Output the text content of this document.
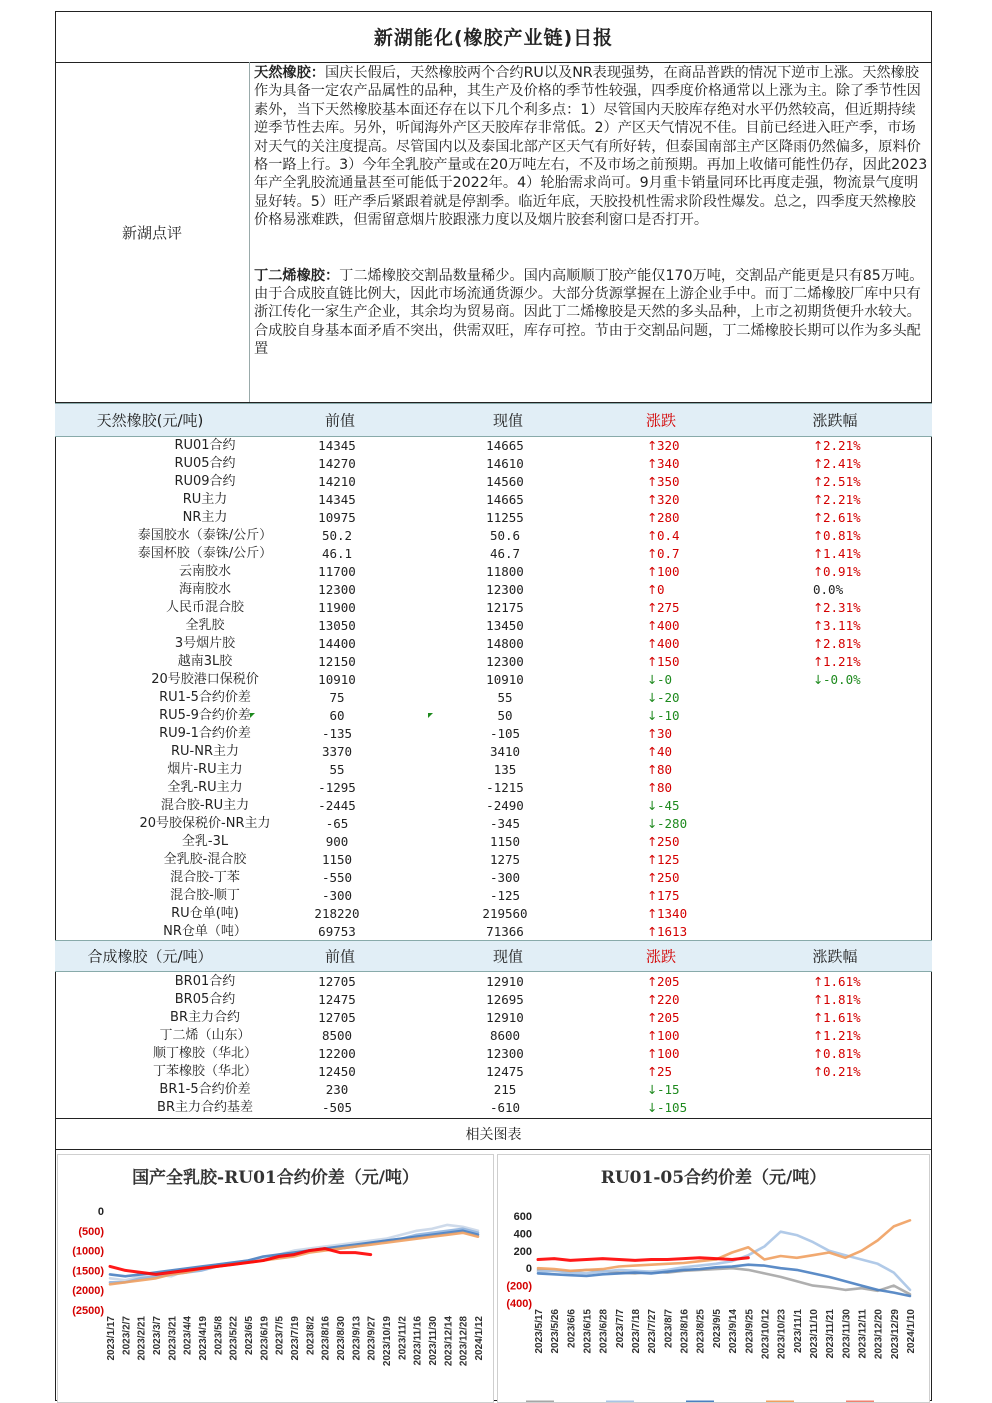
新湖能化(橡胶产业链)日报
新湖点评

天然橡胶：国庆长假后，天然橡胶两个合约RU以及NR表现强势，在商品普跌的情况下逆市上涨。天然橡胶作为具备一定农产品属性的品种，其生产及价格的季节性较强，四季度价格通常以上涨为主。除了季节性因素外，当下天然橡胶基本面还存在以下几个利多点：1）尽管国内天胶库存绝对水平仍然较高，但近期持续逆季节性去库。另外，听闻海外产区天胶库存非常低。2）产区天气情况不佳。目前已经进入旺产季，市场对天气的关注度提高。尽管国内以及泰国北部产区天气有所好转，但泰国南部主产区降雨仍然偏多，原料价格一路上行。3）今年全乳胶产量或在20万吨左右，不及市场之前预期。再加上收储可能性仍存，因此2023年产全乳胶流通量甚至可能低于2022年。4）轮胎需求尚可。9月重卡销量同环比再度走强，物流景气度明显好转。5）旺产季后紧跟着就是停割季。临近年底，天胶投机性需求阶段性爆发。总之，四季度天然橡胶价格易涨难跌，但需留意烟片胶跟涨力度以及烟片胶套利窗口是否打开。

丁二烯橡胶：丁二烯橡胶交割品数量稀少。国内高顺顺丁胶产能仅170万吨，交割品产能更是只有85万吨。由于合成胶直链比例大，因此市场流通货源少。大部分货源掌握在上游企业手中。而丁二烯橡胶厂库中只有浙江传化一家生产企业，其余均为贸易商。因此丁二烯橡胶是天然的多头品种，上市之初期货便升水较大。合成胶自身基本面矛盾不突出，供需双旺，库存可控。节由于交割品问题，丁二烯橡胶长期可以作为多头配置

天然橡胶(元/吨)	前值	现值	涨跌	涨跌幅
RU01合约	14345	14665	↑320	↑2.21%
RU05合约	14270	14610	↑340	↑2.41%
RU09合约	14210	14560	↑350	↑2.51%
RU主力	14345	14665	↑320	↑2.21%
NR主力	10975	11255	↑280	↑2.61%
泰国胶水（泰铢/公斤）	50.2	50.6	↑0.4	↑0.81%
泰国杯胶（泰铢/公斤）	46.1	46.7	↑0.7	↑1.41%
云南胶水	11700	11800	↑100	↑0.91%
海南胶水	12300	12300	↑0	0.0%
人民币混合胶	11900	12175	↑275	↑2.31%
全乳胶	13050	13450	↑400	↑3.11%
3号烟片胶	14400	14800	↑400	↑2.81%
越南3L胶	12150	12300	↑150	↑1.21%
20号胶港口保税价	10910	10910	↓-0	↓-0.0%
RU1-5合约价差	75	55	↓-20
RU5-9合约价差	60	50	↓-10
RU9-1合约价差	-135	-105	↑30
RU-NR主力	3370	3410	↑40
烟片-RU主力	55	135	↑80
全乳-RU主力	-1295	-1215	↑80
混合胶-RU主力	-2445	-2490	↓-45
20号胶保税价-NR主力	-65	-345	↓-280
全乳-3L	900	1150	↑250
全乳胶-混合胶	1150	1275	↑125
混合胶-丁苯	-550	-300	↑250
混合胶-顺丁	-300	-125	↑175
RU仓单(吨)	218220	219560	↑1340
NR仓单（吨）	69753	71366	↑1613
合成橡胶（元/吨）	前值	现值	涨跌	涨跌幅
BR01合约	12705	12910	↑205	↑1.61%
BR05合约	12475	12695	↑220	↑1.81%
BR主力合约	12705	12910	↑205	↑1.61%
丁二烯（山东）	8500	8600	↑100	↑1.21%
顺丁橡胶（华北）	12200	12300	↑100	↑0.81%
丁苯橡胶（华北）	12450	12475	↑25	↑0.21%
BR1-5合约价差	230	215	↓-15
BR主力合约基差	-505	-610	↓-105
相关图表
国产全乳胶-RU01合约价差（元/吨）
0
(500)
(1000)
(1500)
(2000)
(2500)
2023/1/17 2023/2/7 2023/2/21 2023/3/7 2023/3/21 2023/4/4 2023/4/19 2023/5/8 2023/5/22 2023/6/5 2023/6/19 2023/7/5 2023/7/19 2023/8/2 2023/8/16 2023/8/30 2023/9/13 2023/9/27 2023/10/19 2023/11/2 2023/11/16 2023/11/30 2023/12/14 2023/12/28 2024/1/12
RU01-05合约价差（元/吨）
600
400
200
0
(200)
(400)
2023/5/17 2023/5/26 2023/6/6 2023/6/15 2023/6/28 2023/7/7 2023/7/18 2023/7/27 2023/8/7 2023/8/16 2023/8/25 2023/9/5 2023/9/14 2023/9/25 2023/10/12 2023/10/23 2023/11/1 2023/11/10 2023/11/21 2023/11/30 2023/12/11 2023/12/20 2023/12/29 2024/1/10
